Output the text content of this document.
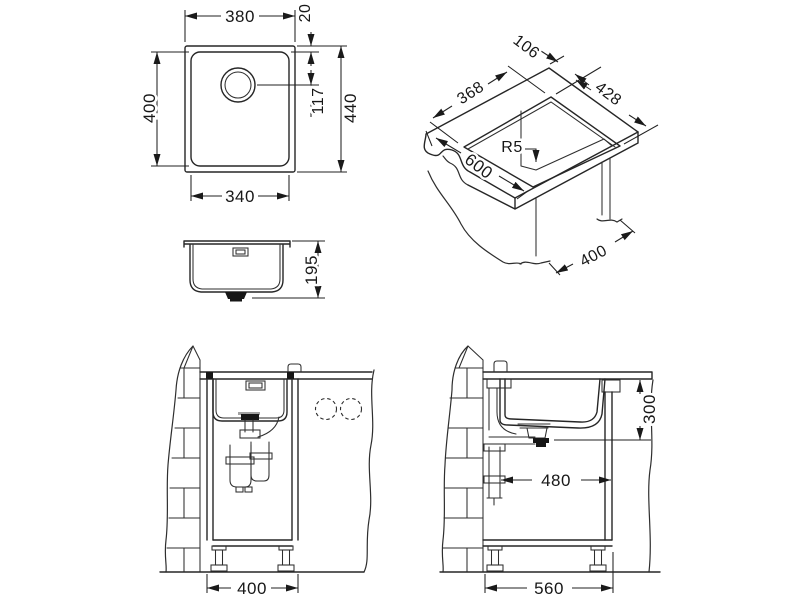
380
400
340
20
117 440
195
106
428
368
600
R5
400
400
300
480
560
